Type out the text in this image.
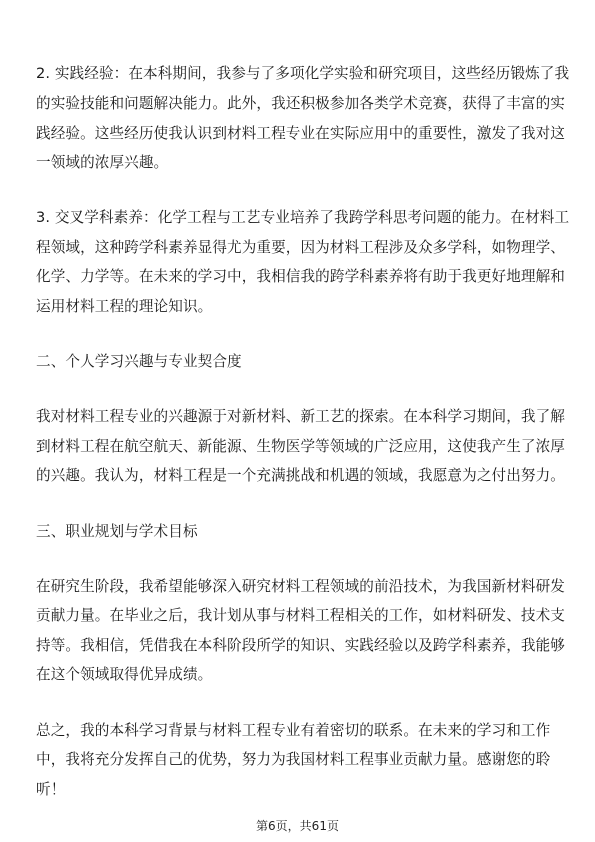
2. 实践经验：在本科期间，我参与了多项化学实验和研究项目，这些经历锻炼了我
的实验技能和问题解决能力。此外，我还积极参加各类学术竞赛，获得了丰富的实
践经验。这些经历使我认识到材料工程专业在实际应用中的重要性，激发了我对这
一领域的浓厚兴趣。
3. 交叉学科素养：化学工程与工艺专业培养了我跨学科思考问题的能力。在材料工
程领域，这种跨学科素养显得尤为重要，因为材料工程涉及众多学科，如物理学、
化学、力学等。在未来的学习中，我相信我的跨学科素养将有助于我更好地理解和
运用材料工程的理论知识。
二、个人学习兴趣与专业契合度
我对材料工程专业的兴趣源于对新材料、新工艺的探索。在本科学习期间，我了解
到材料工程在航空航天、新能源、生物医学等领域的广泛应用，这使我产生了浓厚
的兴趣。我认为，材料工程是一个充满挑战和机遇的领域，我愿意为之付出努力。
三、职业规划与学术目标
在研究生阶段，我希望能够深入研究材料工程领域的前沿技术，为我国新材料研发
贡献力量。在毕业之后，我计划从事与材料工程相关的工作，如材料研发、技术支
持等。我相信，凭借我在本科阶段所学的知识、实践经验以及跨学科素养，我能够
在这个领域取得优异成绩。
总之，我的本科学习背景与材料工程专业有着密切的联系。在未来的学习和工作
中，我将充分发挥自己的优势，努力为我国材料工程事业贡献力量。感谢您的聆
听！
第6页，共61页
